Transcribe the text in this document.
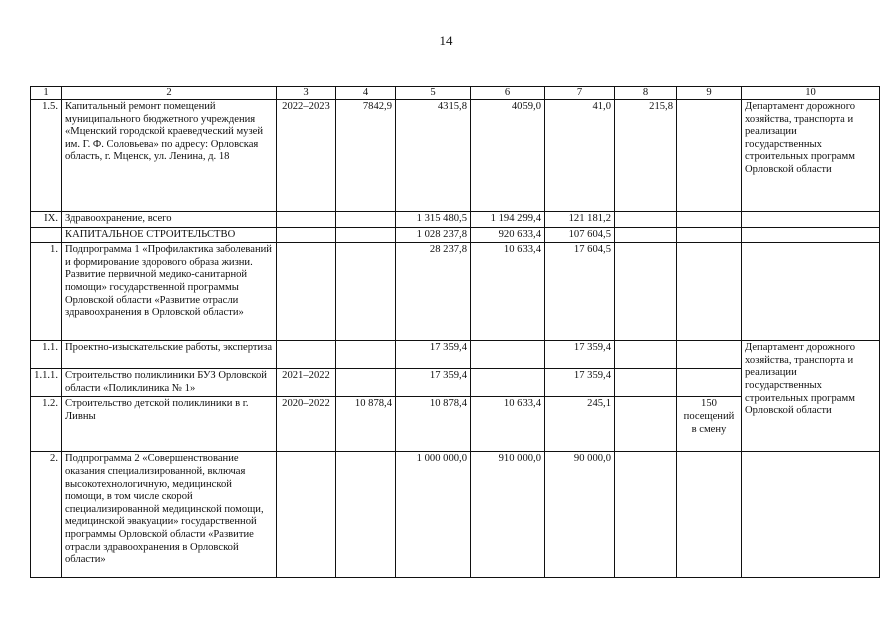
14
1	2	3	4	5	6	7	8	9	10
1.5.	Капитальный ремонт помещений муниципального бюджетного учреждения «Мценский городской краеведческий музей им. Г. Ф. Соловьева» по адресу: Орловская область, г. Мценск, ул. Ленина, д. 18	2022–2023	7842,9	4315,8	4059,0	41,0	215,8		Департамент дорожного хозяйства, транспорта и реализации государственных строительных программ Орловской области
IX.	Здравоохранение, всего			1 315 480,5	1 194 299,4	121 181,2			
	КАПИТАЛЬНОЕ СТРОИТЕЛЬСТВО			1 028 237,8	920 633,4	107 604,5			
1.	Подпрограмма 1 «Профилактика заболеваний и формирование здорового образа жизни. Развитие первичной медико-санитарной помощи» государственной программы Орловской области «Развитие отрасли здравоохранения в Орловской области»			28 237,8	10 633,4	17 604,5			
1.1.	Проектно-изыскательские работы, экспертиза			17 359,4		17 359,4			Департамент дорожного хозяйства, транспорта и реализации государственных строительных программ Орловской области
1.1.1.	Строительство поликлиники БУЗ Орловской области «Поликлиника № 1»	2021–2022		17 359,4		17 359,4			
1.2.	Строительство детской поликлиники в г. Ливны	2020–2022	10 878,4	10 878,4	10 633,4	245,1		150 посещений в смену	
2.	Подпрограмма 2 «Совершенствование оказания специализированной, включая высокотехнологичную, медицинской помощи, в том числе скорой специализированной медицинской помощи, медицинской эвакуации» государственной программы Орловской области «Развитие отрасли здравоохранения в Орловской области»			1 000 000,0	910 000,0	90 000,0			
